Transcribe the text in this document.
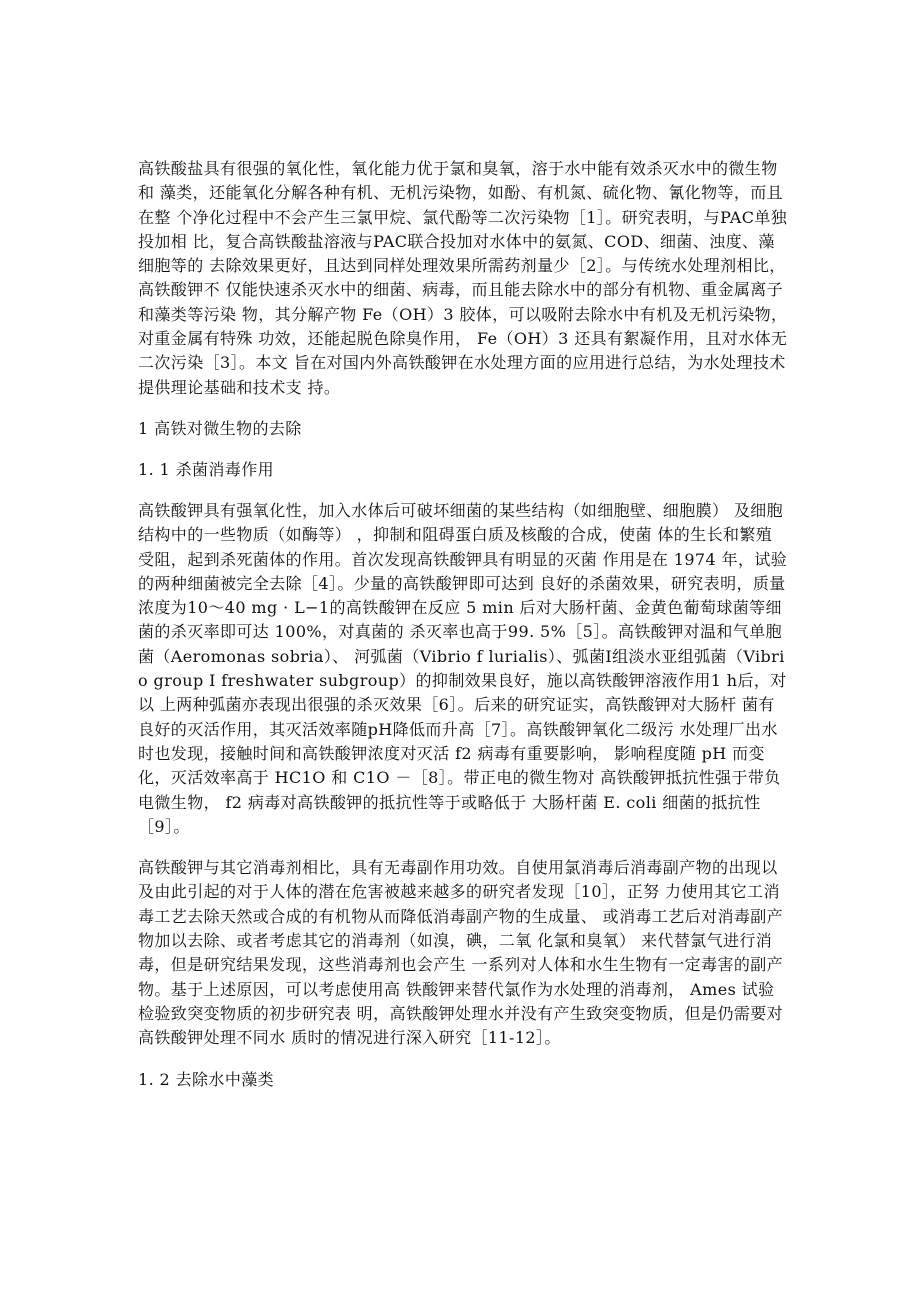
高铁酸盐具有很强的氧化性，氧化能力优于氯和臭氧，溶于水中能有效杀灭水中的微生物和 藻类，还能氧化分解各种有机、无机污染物，如酚、有机氮、硫化物、氰化物等，而且在整 个净化过程中不会产生三氯甲烷、氯代酚等二次污染物［1］。研究表明，与PAC单独投加相 比，复合高铁酸盐溶液与PAC联合投加对水体中的氨氮、COD、细菌、浊度、藻细胞等的 去除效果更好，且达到同样处理效果所需药剂量少［2］。与传统水处理剂相比，高铁酸钾不 仅能快速杀灭水中的细菌、病毒，而且能去除水中的部分有机物、重金属离子和藻类等污染 物，其分解产物 Fe（OH）3 胶体，可以吸附去除水中有机及无机污染物，对重金属有特殊 功效，还能起脱色除臭作用， Fe（OH）3 还具有絮凝作用，且对水体无二次污染［3］。本文 旨在对国内外高铁酸钾在水处理方面的应用进行总结，为水处理技术提供理论基础和技术支 持。

1 高铁对微生物的去除

1. 1 杀菌消毒作用

高铁酸钾具有强氧化性，加入水体后可破坏细菌的某些结构（如细胞壁、细胞膜） 及细胞结构中的一些物质（如酶等） ，抑制和阻碍蛋白质及核酸的合成，使菌 体的生长和繁殖受阻，起到杀死菌体的作用。首次发现高铁酸钾具有明显的灭菌 作用是在 1974 年，试验的两种细菌被完全去除［4］。少量的高铁酸钾即可达到 良好的杀菌效果，研究表明，质量浓度为10～40 mg · L−1的高铁酸钾在反应 5 min 后对大肠杆菌、金黄色葡萄球菌等细菌的杀灭率即可达 100%，对真菌的 杀灭率也高于99. 5%［5］。高铁酸钾对温和气单胞菌（Aeromonas sobria）、 河弧菌（Vibrio f lurialis）、弧菌I组淡水亚组弧菌（Vibrio group I freshwater subgroup）的抑制效果良好，施以高铁酸钾溶液作用1 h后，对以 上两种弧菌亦表现出很强的杀灭效果［6］。后来的研究证实，高铁酸钾对大肠杆 菌有良好的灭活作用，其灭活效率随pH降低而升高［7］。高铁酸钾氧化二级污 水处理厂出水时也发现，接触时间和高铁酸钾浓度对灭活 f2 病毒有重要影响， 影响程度随 pH 而变化，灭活效率高于 HC1O 和 C1O －［8］。带正电的微生物对 高铁酸钾抵抗性强于带负电微生物， f2 病毒对高铁酸钾的抵抗性等于或略低于 大肠杆菌 E. coli 细菌的抵抗性［9］。

高铁酸钾与其它消毒剂相比，具有无毒副作用功效。自使用氯消毒后消毒副产物的出现以及由此引起的对于人体的潜在危害被越来越多的研究者发现［10］，正努 力使用其它工消毒工艺去除天然或合成的有机物从而降低消毒副产物的生成量、 或消毒工艺后对消毒副产物加以去除、或者考虑其它的消毒剂（如溴，碘，二氧 化氯和臭氧） 来代替氯气进行消毒，但是研究结果发现，这些消毒剂也会产生 一系列对人体和水生生物有一定毒害的副产物。基于上述原因，可以考虑使用高 铁酸钾来替代氯作为水处理的消毒剂， Ames 试验检验致突变物质的初步研究表 明，高铁酸钾处理水并没有产生致突变物质，但是仍需要对高铁酸钾处理不同水 质时的情况进行深入研究［11-12］。

1. 2 去除水中藻类
